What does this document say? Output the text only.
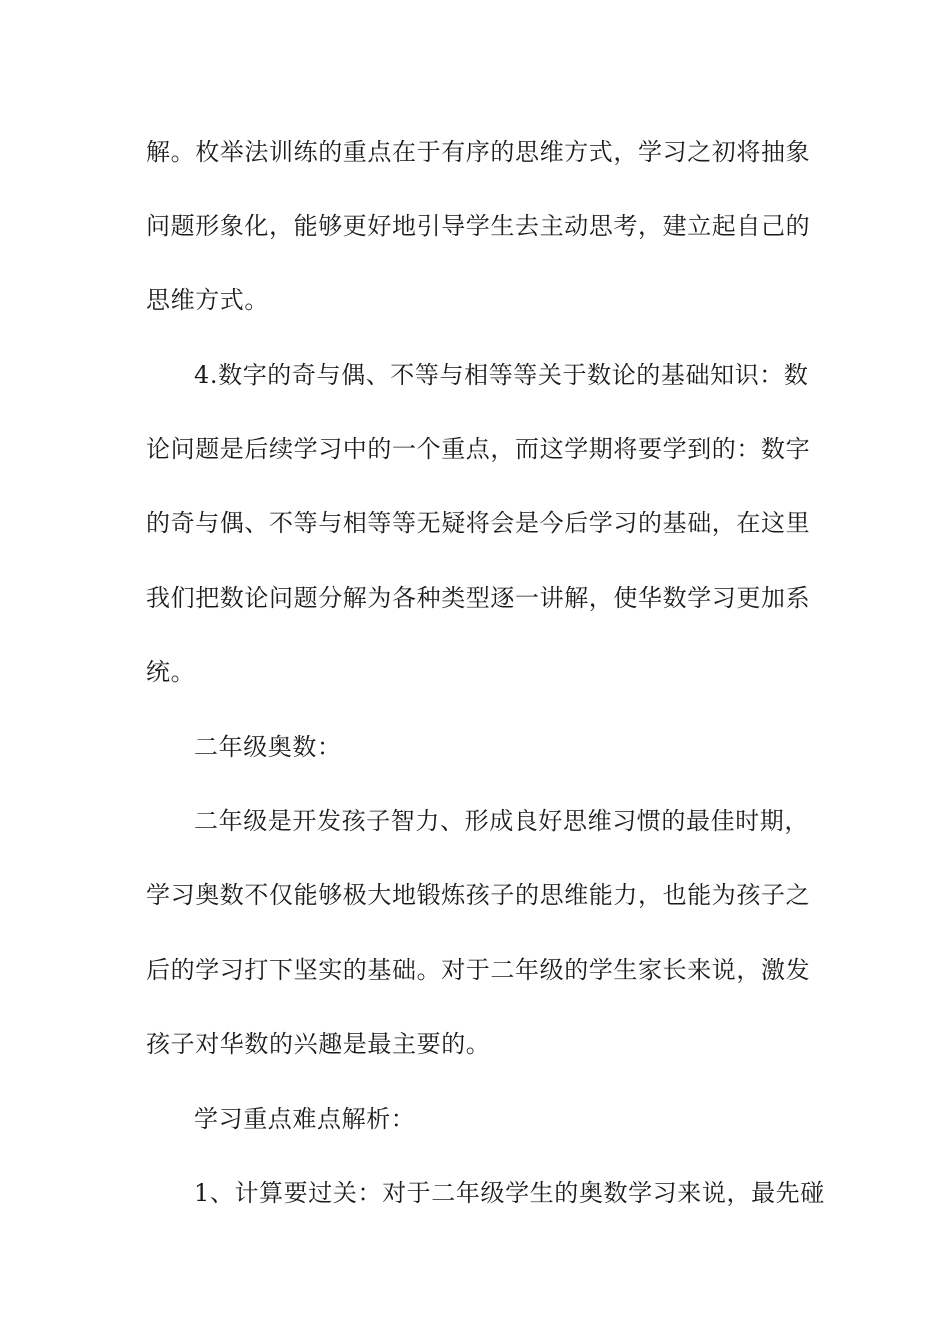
解。枚举法训练的重点在于有序的思维方式，学习之初将抽象
问题形象化，能够更好地引导学生去主动思考，建立起自己的
思维方式。
4.数字的奇与偶、不等与相等等关于数论的基础知识：数
论问题是后续学习中的一个重点，而这学期将要学到的：数字
的奇与偶、不等与相等等无疑将会是今后学习的基础，在这里
我们把数论问题分解为各种类型逐一讲解，使华数学习更加系
统。
二年级奥数：
二年级是开发孩子智力、形成良好思维习惯的最佳时期，
学习奥数不仅能够极大地锻炼孩子的思维能力，也能为孩子之
后的学习打下坚实的基础。对于二年级的学生家长来说，激发
孩子对华数的兴趣是最主要的。
学习重点难点解析：
1、计算要过关：对于二年级学生的奥数学习来说，最先碰
